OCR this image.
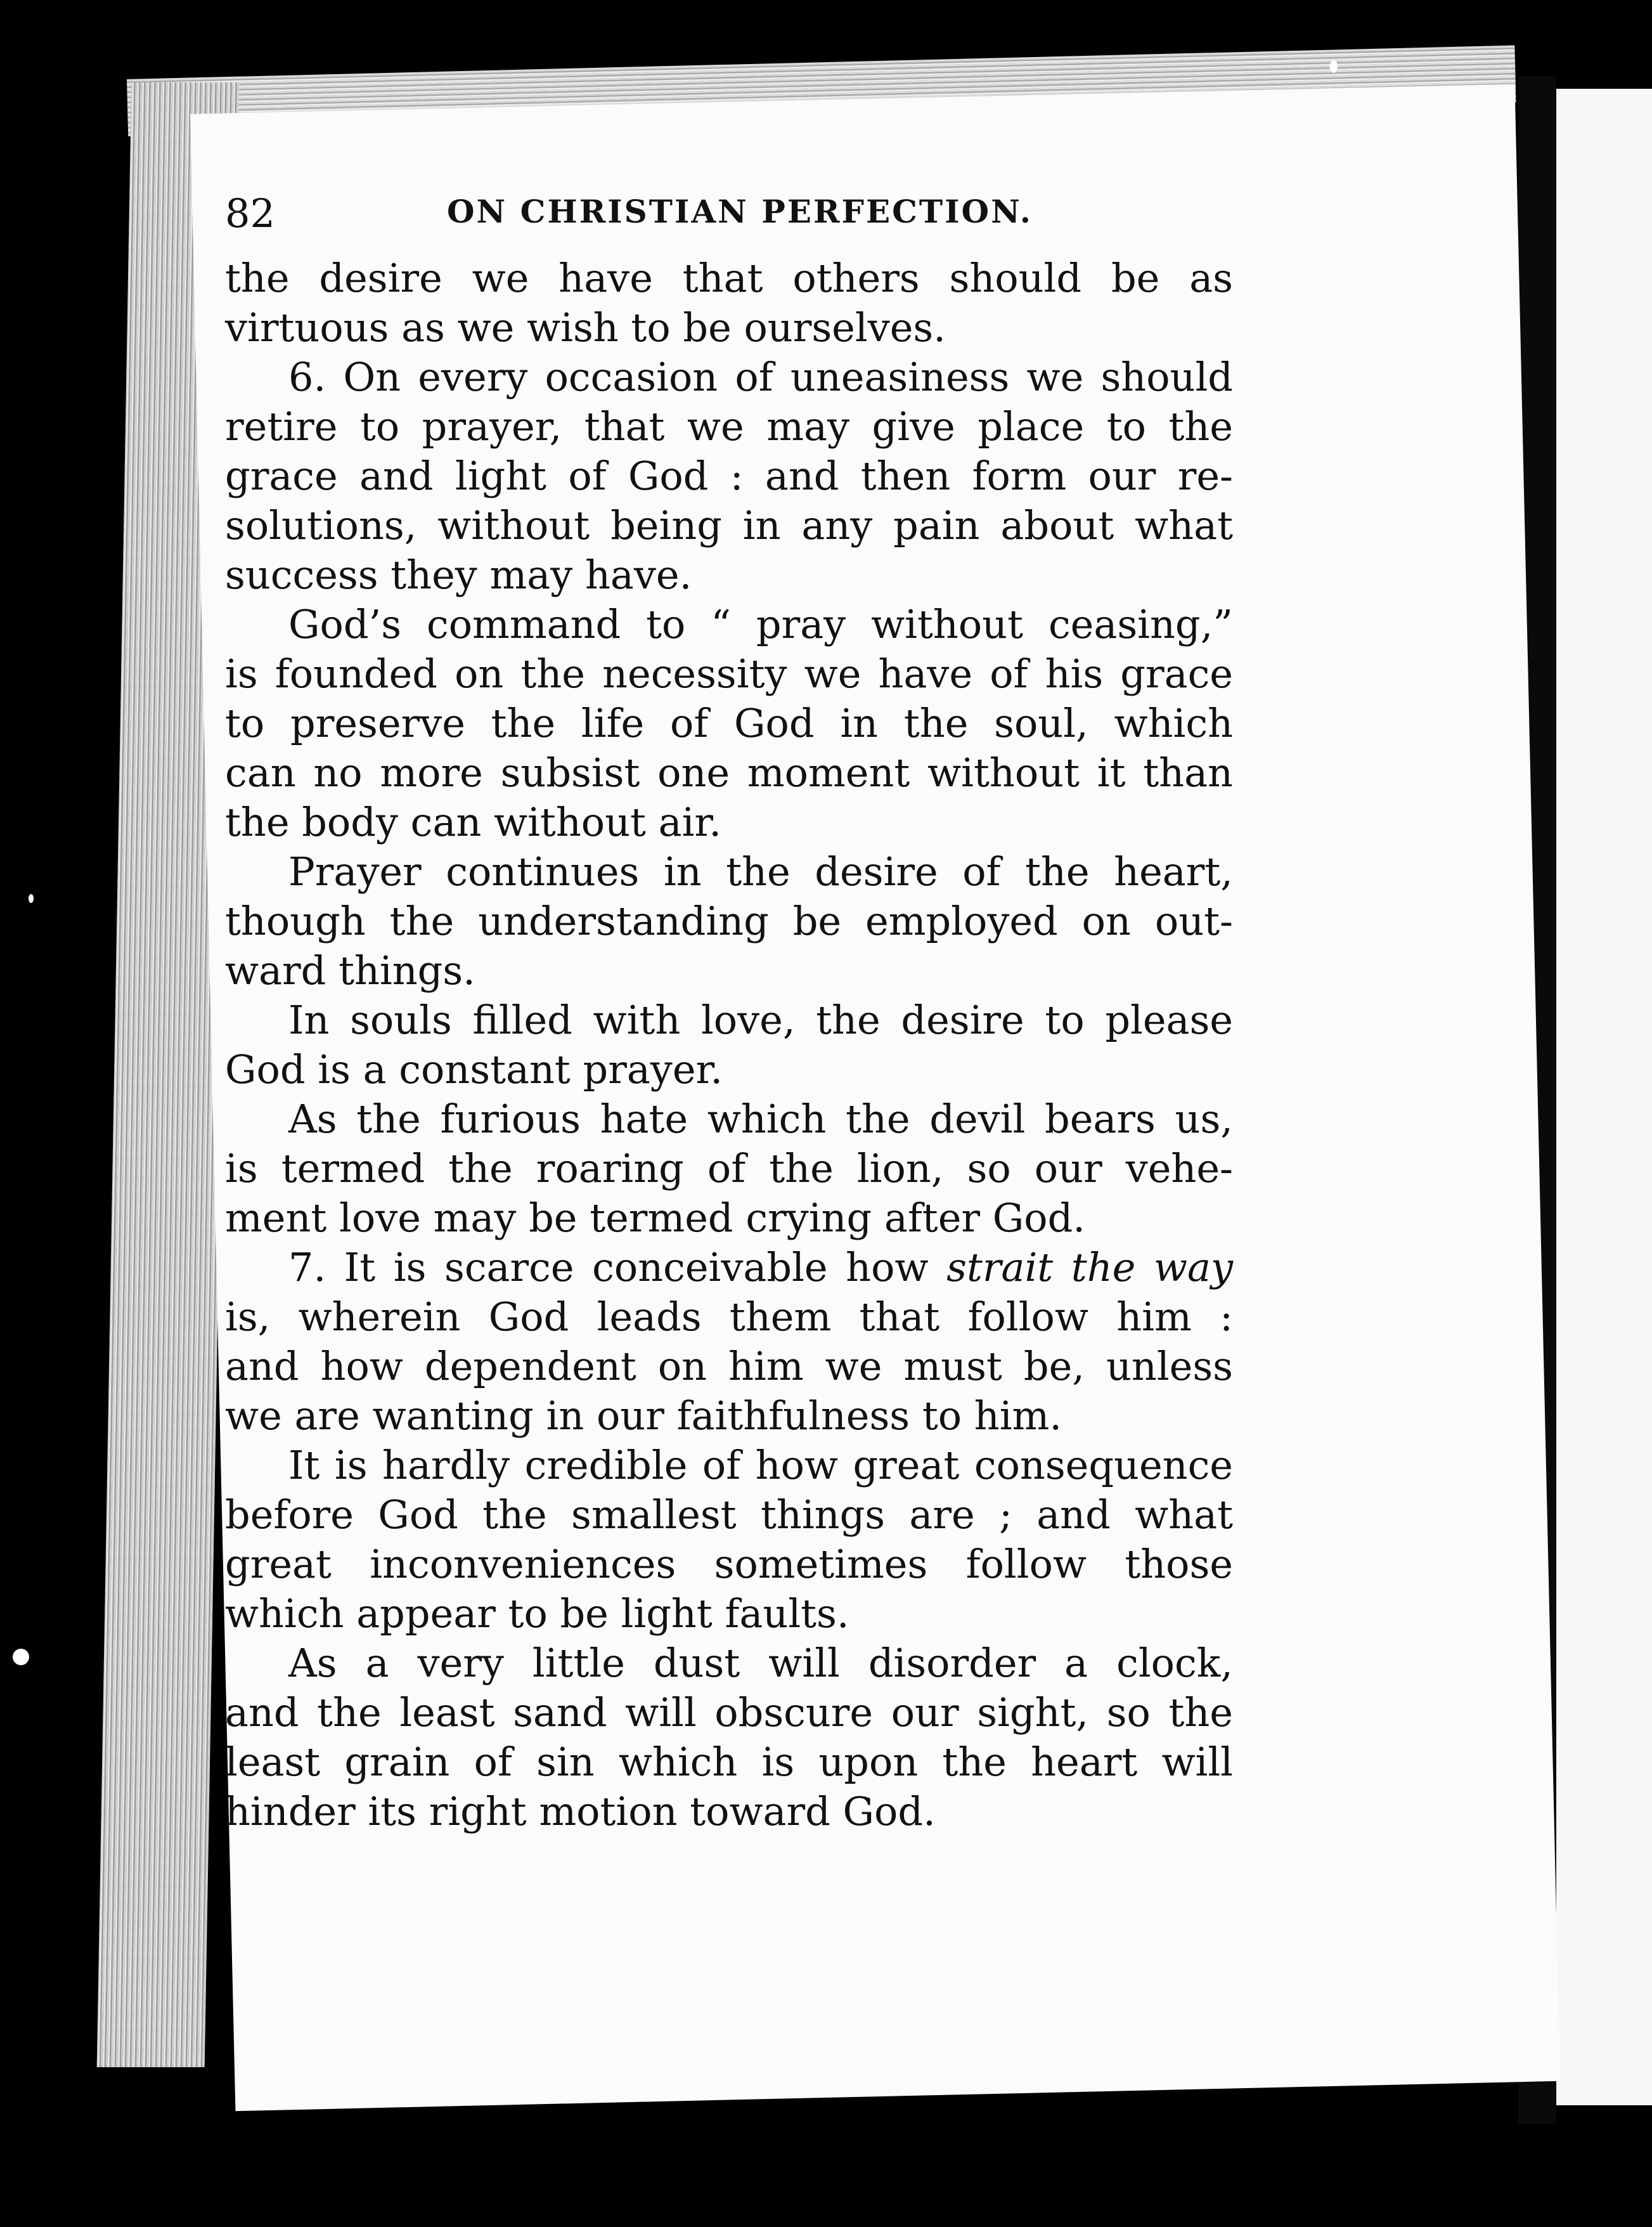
82	ON CHRISTIAN PERFECTION.
the desire we have that others should be as
virtuous as we wish to be ourselves.
6. On every occasion of uneasiness we should
retire to prayer, that we may give place to the
grace and light of God : and then form our re-
solutions, without being in any pain about what
success they may have.
God’s command to “ pray without ceasing,”
is founded on the necessity we have of his grace
to preserve the life of God in the soul, which
can no more subsist one moment without it than
the body can without air.
Prayer continues in the desire of the heart,
though the understanding be employed on out-
ward things.
In souls filled with love, the desire to please
God is a constant prayer.
As the furious hate which the devil bears us,
is termed the roaring of the lion, so our vehe-
ment love may be termed crying after God.
7. It is scarce conceivable how strait the way
is, wherein God leads them that follow him :
and how dependent on him we must be, unless
we are wanting in our faithfulness to him.
It is hardly credible of how great consequence
before God the smallest things are ; and what
great inconveniences sometimes follow those
which appear to be light faults.
As a very little dust will disorder a clock,
and the least sand will obscure our sight, so the
least grain of sin which is upon the heart will
hinder its right motion toward God.
